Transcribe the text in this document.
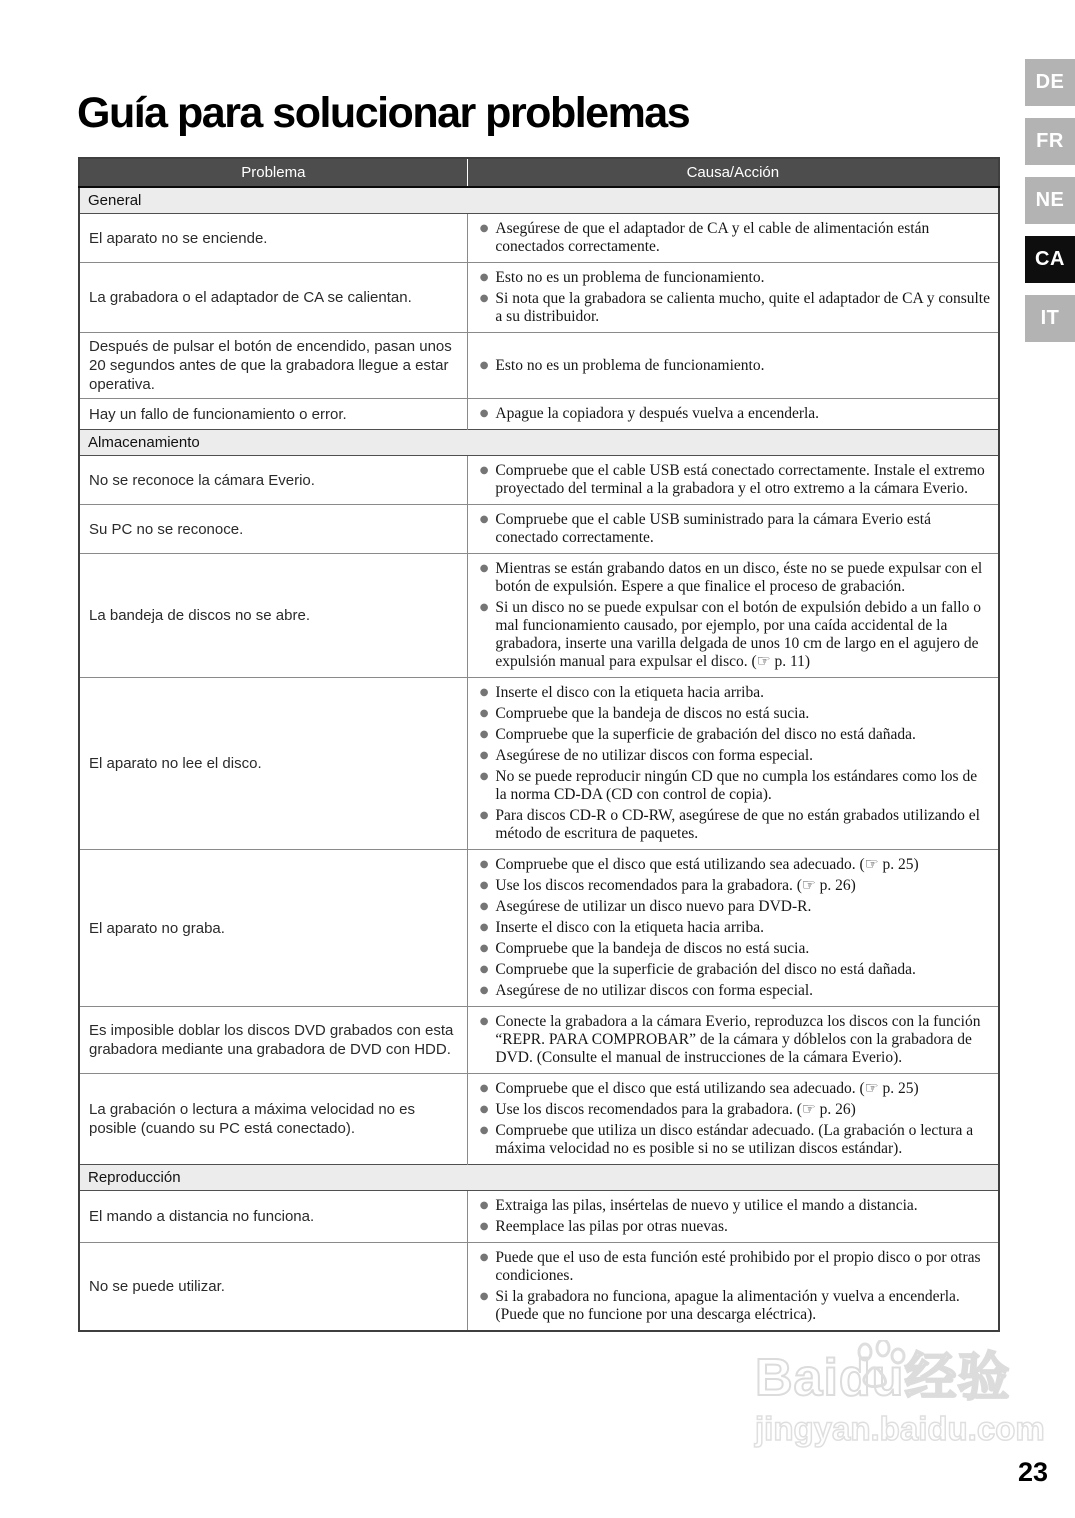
Guía para solucionar problemas
DE
FR
NE
CA
IT
Problema	Causa/Acción
General	
El aparato no se enciende.	
● Asegúrese de que el adaptador de CA y el cable de alimentación están conectados correctamente.

La grabadora o el adaptador de CA se calientan.	
● Esto no es un problema de funcionamiento.
● Si nota que la grabadora se calienta mucho, quite el adaptador de CA y consulte a su distribuidor.

Después de pulsar el botón de encendido, pasan unos 20 segundos antes de que la grabadora llegue a estar operativa.	
● Esto no es un problema de funcionamiento.

Hay un fallo de funcionamiento o error.	● Apague la copiadora y después vuelva a encenderla.

Almacenamiento	
No se reconoce la cámara Everio.	
● Compruebe que el cable USB está conectado correctamente. Instale el extremo proyectado del terminal a la grabadora y el otro extremo a la cámara Everio.

Su PC no se reconoce.	
● Compruebe que el cable USB suministrado para la cámara Everio está conectado correctamente.

La bandeja de discos no se abre.	
● Mientras se están grabando datos en un disco, éste no se puede expulsar con el botón de expulsión. Espere a que finalice el proceso de grabación.
● Si un disco no se puede expulsar con el botón de expulsión debido a un fallo o mal funcionamiento causado, por ejemplo, por una caída accidental de la grabadora, inserte una varilla delgada de unos 10 cm de largo en el agujero de expulsión manual para expulsar el disco. (☞ p. 11)

El aparato no lee el disco.	
● Inserte el disco con la etiqueta hacia arriba.
● Compruebe que la bandeja de discos no está sucia.
● Compruebe que la superficie de grabación del disco no está dañada.
● Asegúrese de no utilizar discos con forma especial.
● No se puede reproducir ningún CD que no cumpla los estándares como los de la norma CD-DA (CD con control de copia).
● Para discos CD-R o CD-RW, asegúrese de que no están grabados utilizando el método de escritura de paquetes.

El aparato no graba.	
● Compruebe que el disco que está utilizando sea adecuado. (☞ p. 25)
● Use los discos recomendados para la grabadora. (☞ p. 26)
● Asegúrese de utilizar un disco nuevo para DVD-R.
● Inserte el disco con la etiqueta hacia arriba.
● Compruebe que la bandeja de discos no está sucia.
● Compruebe que la superficie de grabación del disco no está dañada.
● Asegúrese de no utilizar discos con forma especial.

Es imposible doblar los discos DVD grabados con esta grabadora mediante una grabadora de DVD con HDD.	
● Conecte la grabadora a la cámara Everio, reproduzca los discos con la función “REPR. PARA COMPROBAR” de la cámara y dóblelos con la grabadora de DVD. (Consulte el manual de instrucciones de la cámara Everio).

La grabación o lectura a máxima velocidad no es posible (cuando su PC está conectado).	
● Compruebe que el disco que está utilizando sea adecuado. (☞ p. 25)
● Use los discos recomendados para la grabadora. (☞ p. 26)
● Compruebe que utiliza un disco estándar adecuado. (La grabación o lectura a máxima velocidad no es posible si no se utilizan discos estándar).

Reproducción	
El mando a distancia no funciona.	
● Extraiga las pilas, insértelas de nuevo y utilice el mando a distancia.
● Reemplace las pilas por otras nuevas.

No se puede utilizar.	
● Puede que el uso de esta función esté prohibido por el propio disco o por otras condiciones.
● Si la grabadora no funciona, apague la alimentación y vuelva a encenderla. (Puede que no funcione por una descarga eléctrica).
Baidu经验
jingyan.baidu.com
23
